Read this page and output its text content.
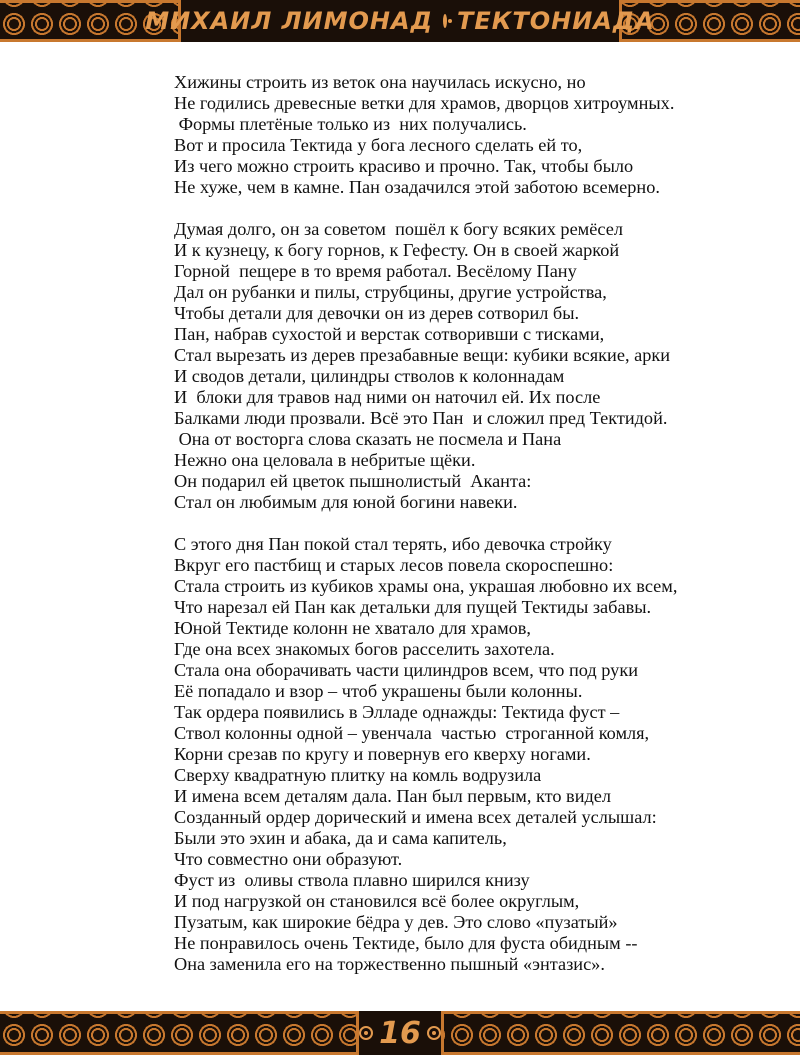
МИХАИЛ ЛИМОНАД ТЕКТОНИАДА
Хижины строить из веток она научилась искусно, но
Не годились древесные ветки для храмов, дворцов хитроумных.
Формы плетёные только из  них получались.
Вот и просила Тектида у бога лесного сделать ей то,
Из чего можно строить красиво и прочно. Так, чтобы было
Не хуже, чем в камне. Пан озадачился этой заботою всемерно.
Думая долго, он за советом  пошёл к богу всяких ремёсел
И к кузнецу, к богу горнов, к Гефесту. Он в своей жаркой
Горной  пещере в то время работал. Весёлому Пану
Дал он рубанки и пилы, струбцины, другие устройства,
Чтобы детали для девочки он из дерев сотворил бы.
Пан, набрав сухостой и верстак сотворивши с тисками,
Стал вырезать из дерев презабавные вещи: кубики всякие, арки
И сводов детали, цилиндры стволов к колоннадам
И  блоки для травов над ними он наточил ей. Их после
Балками люди прозвали. Всё это Пан  и сложил пред Тектидой.
Она от восторга слова сказать не посмела и Пана
Нежно она целовала в небритые щёки.
Он подарил ей цветок пышнолистый  Аканта:
Стал он любимым для юной богини навеки.
С этого дня Пан покой стал терять, ибо девочка стройку
Вкруг его пастбищ и старых лесов повела скороспешно:
Стала строить из кубиков храмы она, украшая любовно их всем,
Что нарезал ей Пан как детальки для пущей Тектиды забавы.
Юной Тектиде колонн не хватало для храмов,
Где она всех знакомых богов расселить захотела.
Стала она оборачивать части цилиндров всем, что под руки
Её попадало и взор – чтоб украшены были колонны.
Так ордера появились в Элладе однажды: Тектида фуст –
Ствол колонны одной – увенчала  частью  строганной комля,
Корни срезав по кругу и повернув его кверху ногами.
Сверху квадратную плитку на комль водрузила
И имена всем деталям дала. Пан был первым, кто видел
Созданный ордер дорический и имена всех деталей услышал:
Были это эхин и абака, да и сама капитель,
Что совместно они образуют.
Фуст из  оливы ствола плавно ширился книзу
И под нагрузкой он становился всё более округлым,
Пузатым, как широкие бёдра у дев. Это слово «пузатый»
Не понравилось очень Тектиде, было для фуста обидным --
Она заменила его на торжественно пышный «энтазис».
16
